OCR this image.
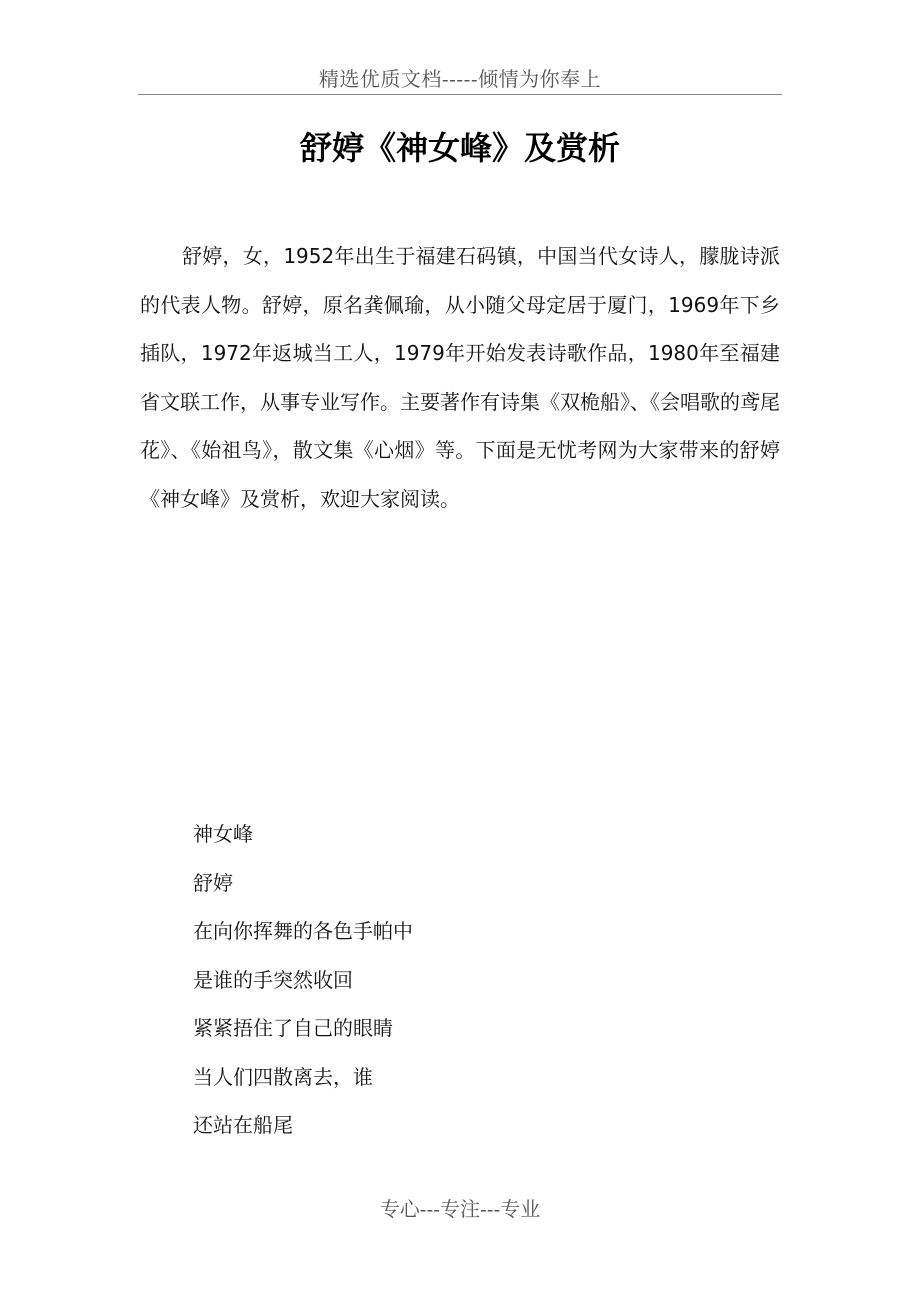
精选优质文档-----倾情为你奉上
舒婷《神女峰》及赏析

舒婷，女，1952年出生于福建石码镇，中国当代女诗人，朦胧诗派的代表人物。舒婷，原名龚佩瑜，从小随父母定居于厦门，1969年下乡插队，1972年返城当工人，1979年开始发表诗歌作品，1980年至福建省文联工作，从事专业写作。主要著作有诗集《双桅船》、《会唱歌的鸢尾花》、《始祖鸟》，散文集《心烟》等。下面是无忧考网为大家带来的舒婷《神女峰》及赏析，欢迎大家阅读。

神女峰
舒婷
在向你挥舞的各色手帕中
是谁的手突然收回
紧紧捂住了自己的眼睛
当人们四散离去，谁
还站在船尾
专心---专注---专业
